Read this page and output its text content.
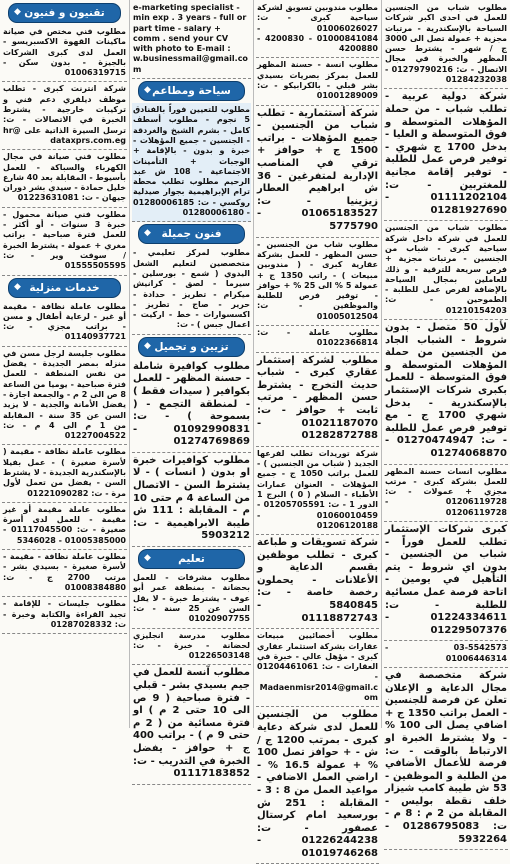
تقنيون و فنيون
◆

مطلوب فني مختص في صيانة ماكينات القهوة الاكسبريسو - العمل لدى كبرى الشركات بالجيزة - بدون سكن - 01006319715

شركة انترنت كبرى - تطلب موظف ديلفري دعم فني و تركيبات خارجية - يشترط الخبرة في الاتصالات - ت: ترسل السيرة الذاتية على @hr dataxprs.com.eg

مطلوب فني صيانة في مجال الكهرباء والسباكة - للعمل بأسيوط - المقابلة بعد 40 شارع خليل حمادة - سيدي بشر دوران جيهان - ت: 01223631081

مطلوب فني صيانة محمول - خبرة 3 سنوات - أو أكثر - للعمل فترة صباحية - براتب مغري + عمولة - يشترط الخبرة / سوفت وير - ت: 01555505595

خدمات منزلية
◆

مطلوب عاملة نظافة - مقيمة أو غير - لرعاية أطفال و مسن - براتب مجزي - ت: 01140937721

مطلوب جليسة لرجل مسن في منزله بمصر الجديدة - يفضل من نفس المنطقة - للعمل فترة صباحية - يوميا من الساعة 8 ص الى 2 م - والجمعة اجازة - يفضل الأمانة والجدية - لا يزيد السن عن 35 سنة - المقابلة من 1 م الى 4 م - ت: 01227004522

مطلوب عاملة نظافة - مقيمة ( لأسرة صغيرة ) - عمل بفيلا بالإسكندرية الجديدة - لا يشترط السن - يفضل من تعمل لأول مرة - ت: 01221090282

مطلوب عاملة مقيمة أو غير مقيمة - للعمل لدى أسرة صغيرة - ت: 01117045500 - 01005385000 - 5346028

مطلوب عاملة نظافة - مقيمة - لأسرة صغيرة - بسيدي بشر - مرتب 2700 ج - ت: 01008384880

مطلوب جليسات - للإقامة - تجيد القراءة والكتابة وخبرة - ت: 01287028332

e-marketing specialist - min exp . 3 years - full or part time - salary + comm . send your CV with photo to E-mail : w.businessmail@gmail.com

سياحة ومطاعم
◆

مطلوب للتعيين فوراً بالفنادق 5 نجوم - مطلوب أسطف كامل - بشرم الشيخ والغردقة - الجنسين - جميع المؤهلات - خبرة و بدون - بالإقامة + الوجبات + التأمينات الاجتماعية - 108 ش عبد الرحيم مطلوب تطلب محطة ترام الإبراهيمية بجوار صيدلية روكسي - ت: 01280006185 - 01280006180

فنون جميلة
◆

مطلوب لمركز تعليمي - متخصصين لتعليم الشغل اليدوي ( شمع - بورسلين - سيرما - لصق - كرانيش ميكرام - تطريز - حدادة - حرير - صاج - تطريز - اكسسوارات - خط - اركيت - اعمال جبس ) - ت:

تزيين و تجميل
◆

مطلوب كوافيرة شاملة - حسنة المظهر - للعمل بكوافير ( سيدات فقط ) - لمنطقة التجمع - ( بسموحة ) - ت: 01092990831 - 01274769869

مطلوب كوافيرات خبرة او بدون ( انسات ) - لا يشترط السن - الاتصال من الساعة 4 م حتى 10 م - المقابلة : 111 ش طيبة الابراهيمية - ت: 5903212

تعليم
◆

مطلوب مشرفات - للعمل بحضانة - بمنطقة عمر أبو عوف - يشترط خبرة - لا يقل السن عن 25 سنة - ت: 01020907755

مطلوب مدرسة انجليزي لحضانة - خبرة - ت: 01226503148

مطلوب آنسة للعمل في جيم بسيدي بشر - قبلي - فترة صباحية ( 9 ص الى 10 حتى 2 م ) او فترة مسائية من ( 2 م حتى 9 م ) - براتب 400 ج + حوافز - يفضل الخبرة في التدريب - ت: 01117183852

مطلوب مندوبين تسويق لشركة سياحية كبرى - ت: 01006026027 - 01000841084 - 4200830 - 4200880

مطلوب انسة - حسنة المظهر للعمل بمركز بصريات بسيدي بشر قبلي - بالكرابيكو - ت: 01001289009

شركة أستثمارية - تطلب شباب من الجنسين - جميع المؤهلات - براتب 1500 ج + حوافز + ترقي في المناصب الإدارية لمتفرغين - 36 ش ابراهيم العطار زيزينيا - ت: 01065183527 - 5775790

مطلوب شاب من الجنسين - حسن المظهر - للعمل بشركة عقارية كبرى - ( مندوبين مبيعات ) - راتب 1350 ج + عمولة 5 % الى 25 % + حوافز - توفير فرص للطلبة والموظفين - ت: 01005012504

مطلوب عاملة - ت: 01022366814

مطلوب لشركة إستثمار عقاري كبرى - شباب حديث التخرج - يشترط حسن المظهر - مرتب ثابت + حوافز - ت: 01021187070 - 01282872788

شركة توريدات تطلب لفرعها الجديد ( شباب من الجنسين ) - للعمل براتب 1050 ج - جميع المؤهلات - العنوان عمارات الأطباء - السلام ( 0 ) البرج 1 الدور 1 - ت: 01205705591 - 01060010459 - 01206120188

شركة تسويقات و طباعة كبرى - تطلب موظفين بقسم الدعاية و الأعلانات - يحملون رخصة خاصة - ت: 5840845 - 01118872743

مطلوب أخصائيين مبيعات عقارات بشركة استثمار عقاري كبرى - مؤهل عالي - خبرة في العقارات - ت: 01204461061 - Madaenmisr2014@gmail.com

مطلوب من الجنسين للعمل لدى شركة دعاية كبرى - بمرتب 1200 ج / ش - + حوافز تصل 100 % + عمولة 16.5 % - اراضي العمل الاضافي - مواعيد العمل من 8 : 3 - المقابلة : 251 ش بورسعيد امام كرستال عصفور - ت: 01226244238 - 01019746268

مطلوب شباب من الجنسين للعمل في احدى اكبر شركات السياحة بالإسكندرية - مرتبات مجزية + عمولة تصل الى 3000 ج / شهر - يشترط حسن المظهر والخبرة في مجال الاتصال - ت: 01279790216 - 01284232038

شركة دولية عربية - تطلب شباب - من حملة المؤهلات المتوسطة و فوق المتوسطة و العليا - بدخل 1700 ج شهري - توفير فرص عمل للطلبة - توفير إقامة مجانية للمغتربين - ت: 01111202104 - 01281927690

مطلوب شباب من الجنسين للعمل في شركة داخل شركة سياحية كبرى - شباب من الجنسين - مرتبات مجزية + فرص سريعة للترقية - و ذلك للعاملين بمجال السياحة بالإضافة لفرص عمل للطلبة - الطموحين - ت: 01210154203

لأول 50 متصل - بدون شروط - الشباب الجاد من الجنسين من حملة المؤهلات المتوسطة و فوق المتوسطة - للعمل بكبرى شركات الإستثمار بالإسكندرية - بدخل شهري 1700 ج - مع توفير فرص عمل للطلبة - ت: 01270474947 - 01274068870

مطلوب انسات حسنة المظهر للعمل بشركة كبرى - مرتب مجزي + عمولات - ت: 01206119728 - 01206119728

كبرى شركات الإستثمار تطلب للعمل فوراً - شباب من الجنسين - بدون اي شروط - يتم التأهيل في يومين - اتاحة فرصة عمل مسائية للطلبة - ت: 01224334611 - 01229507376

03-5542573 - 01006446314

شركة متخصصة في مجال الدعاية و الإعلان تعلن عن فرصة للجنسين - العمل براتب 1350 ج + اضافي يصل الى 100 % - ولا يشترط الخبرة او الارتباط بالوقت - ت: فرصة للأعمال الأضافي من الطلبة و الموظفين - 53 ش طيبة كامب شيزار خلف نقطة بوليس - المقابلة من 2 م : 8 م - ت: 01286795083 - 5932264
